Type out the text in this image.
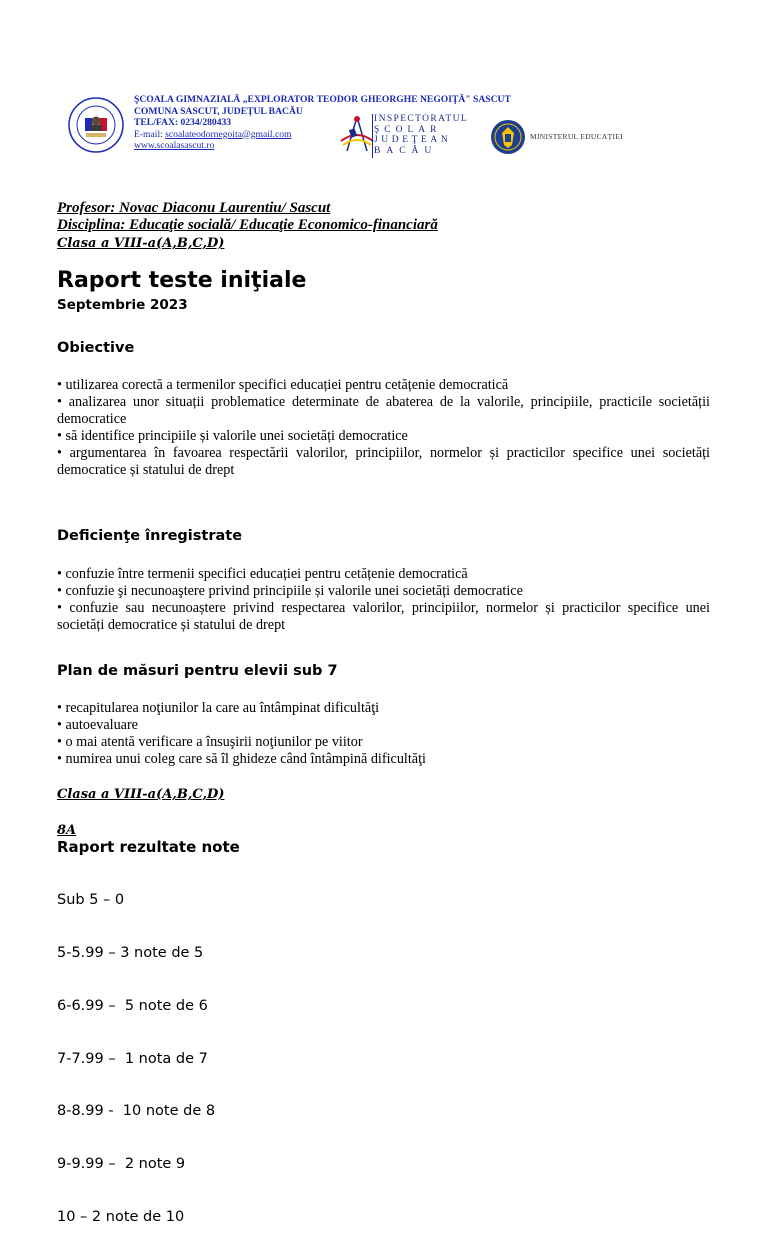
ŞCOALA GIMNAZIALĂ „EXPLORATOR TEODOR GHEORGHE NEGOIŢĂ" SASCUT
COMUNA SASCUT, JUDEȚUL BACĂU
TEL/FAX: 0234/280433
E-mail: scoalateodornegoita@gmail.com
www.scoalasascut.ro
INSPECTORATUL
ŞCOLAR
JUDEŢEAN
BACĂU
MINISTERUL EDUCAȚIEI
Profesor: Novac Diaconu Laurentiu/ Sascut
Disciplina: Educaţie socială/ Educaţie Economico-financiară
Clasa a VIII-a(A,B,C,D)
Raport teste iniţiale
Septembrie 2023
Obiective
• utilizarea corectă a termenilor specifici educației pentru cetățenie democratică
• analizarea unor situații problematice determinate de abaterea de la valorile, principiile, practicile societății democratice
• să identifice principiile și valorile unei societăți democratice
• argumentarea în favoarea respectării valorilor, principiilor, normelor și practicilor specifice unei societăți democratice și statului de drept
Deficienţe înregistrate
• confuzie între termenii specifici educației pentru cetățenie democratică
• confuzie şi necunoaştere privind principiile și valorile unei societăți democratice
• confuzie sau necunoaștere privind respectarea valorilor, principiilor, normelor și practicilor specifice unei societăți democratice și statului de drept
Plan de măsuri pentru elevii sub 7
• recapitularea noţiunilor la care au întâmpinat dificultăţi
• autoevaluare
• o mai atentă verificare a însuşirii noţiunilor pe viitor
• numirea unui coleg care să îl ghideze când întâmpină dificultăţi
Clasa a VIII-a(A,B,C,D)
8A
Raport rezultate note

Sub 5 – 0

5-5.99 – 3 note de 5

6-6.99 –  5 note de 6

7-7.99 –  1 nota de 7

8-8.99 -  10 note de 8

9-9.99 –  2 note 9

10 – 2 note de 10
